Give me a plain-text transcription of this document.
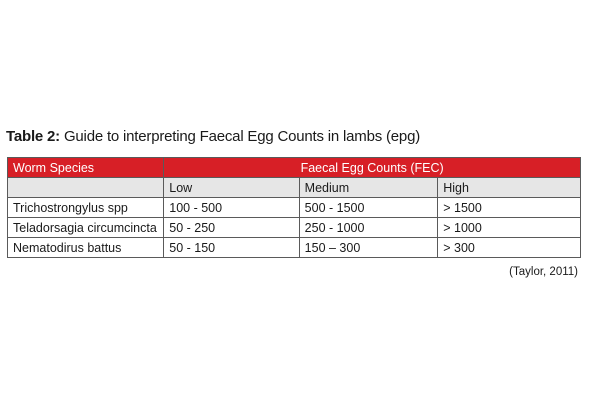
Table 2: Guide to interpreting Faecal Egg Counts in lambs (epg)
Worm Species	Faecal Egg Counts (FEC)		
	Low	Medium	High
Trichostrongylus spp	100 - 500	500 - 1500	> 1500
Teladorsagia circumcincta	50 - 250	250 - 1000	> 1000
Nematodirus battus	50 - 150	150 – 300	> 300
(Taylor, 2011)
